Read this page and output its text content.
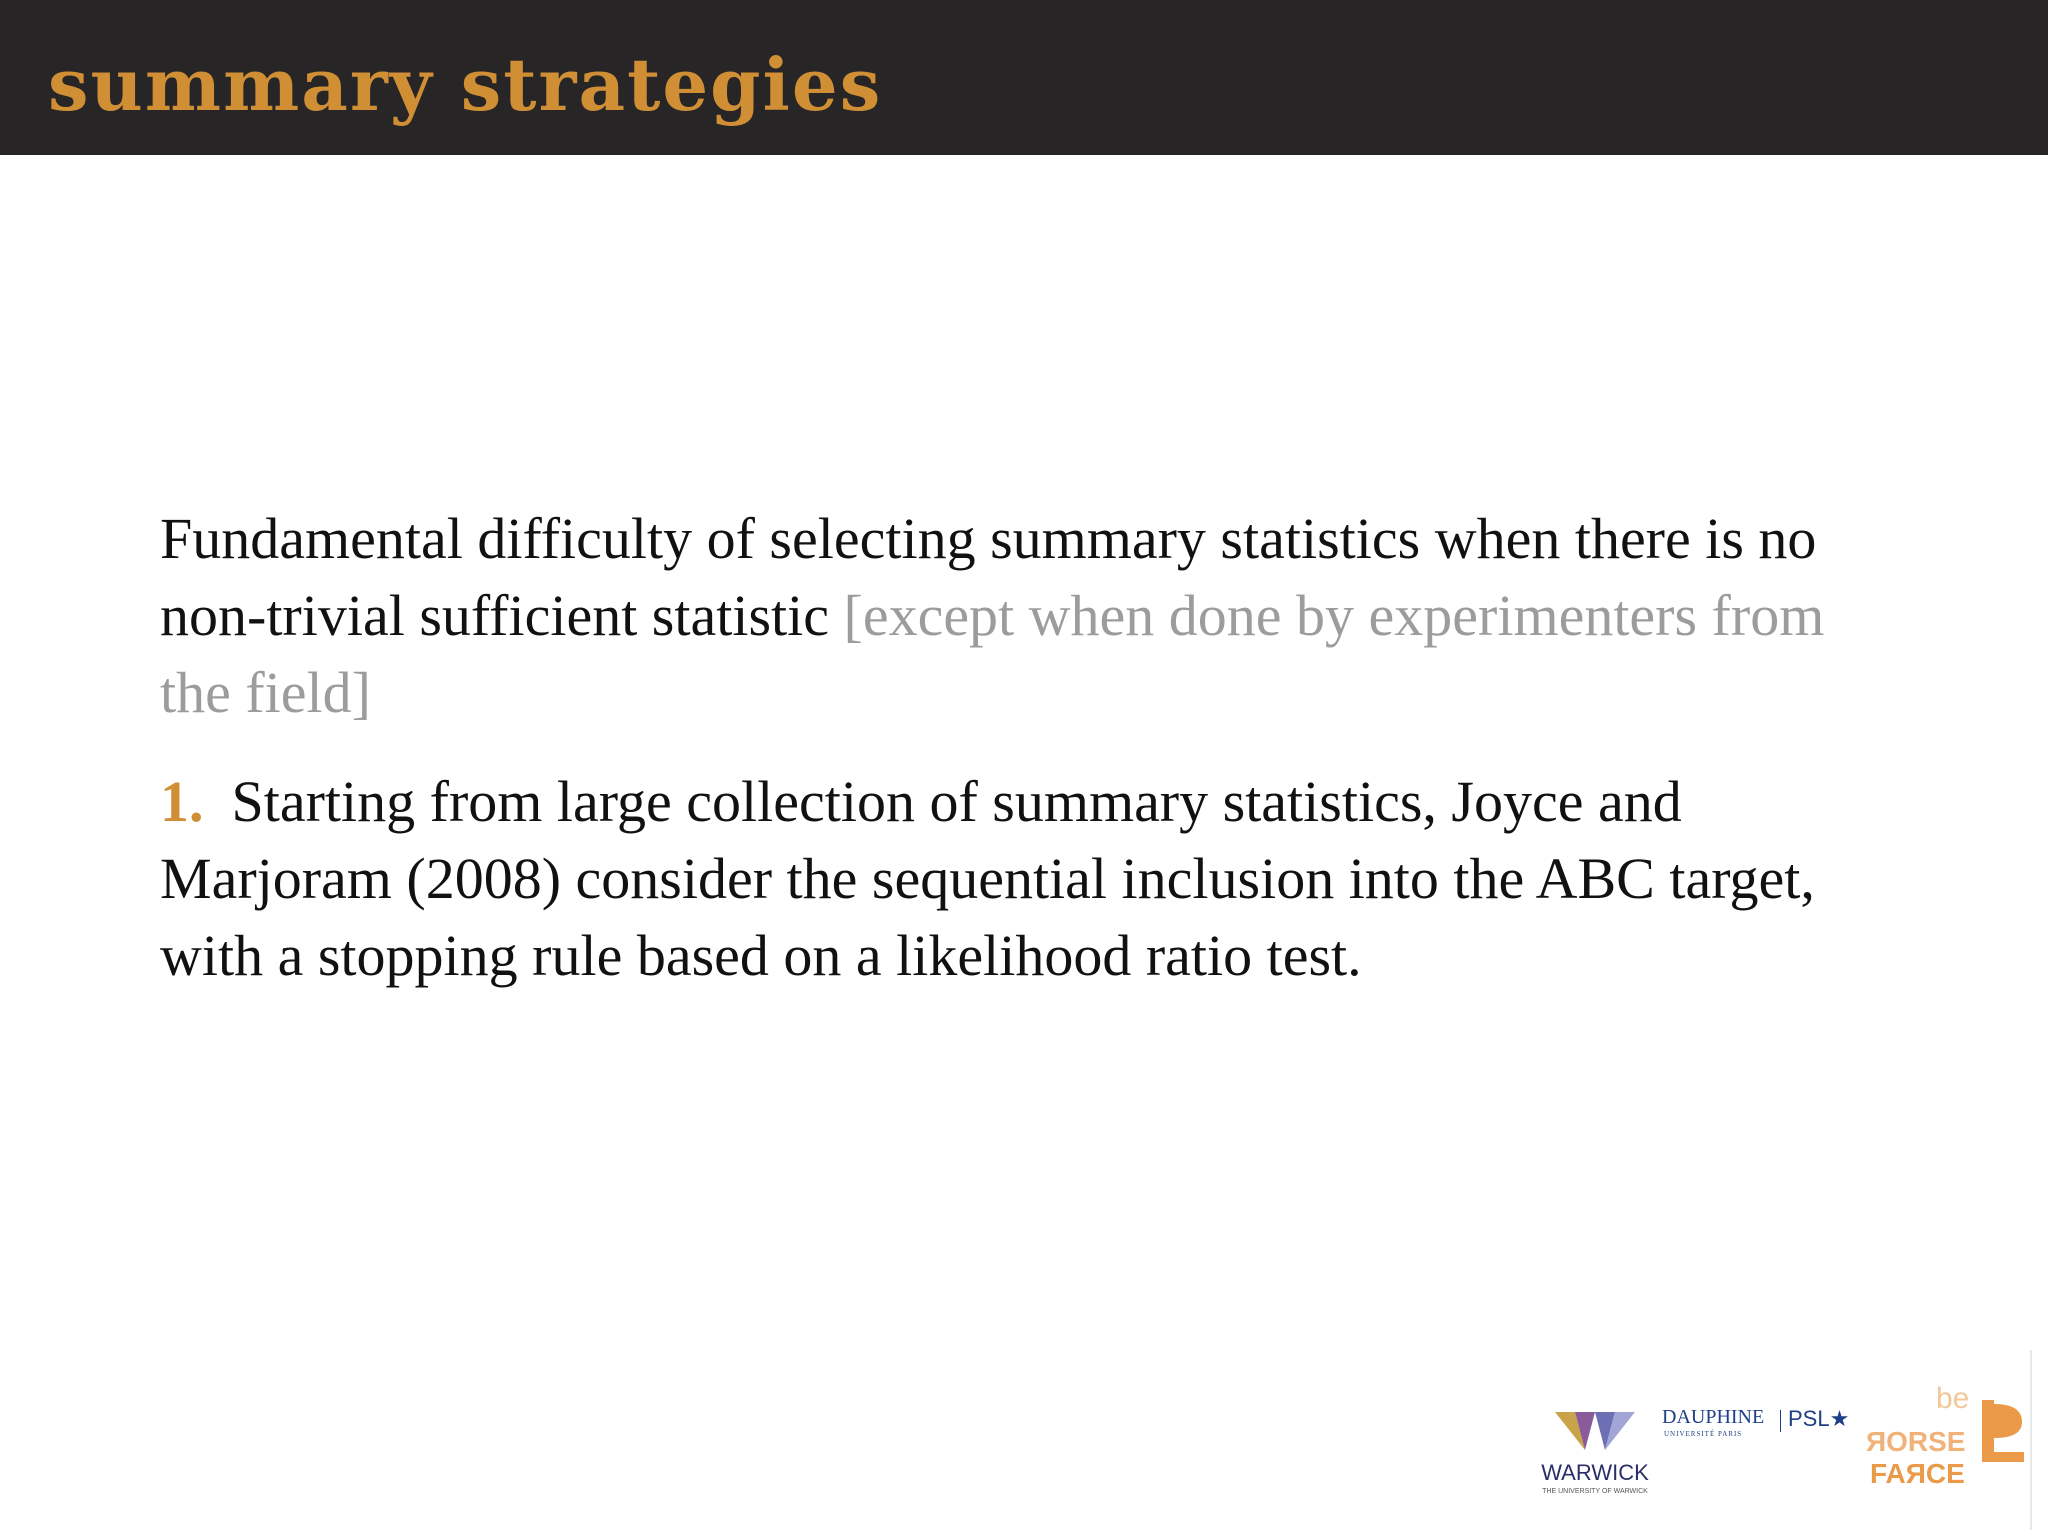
summary strategies

Fundamental difficulty of selecting summary statistics when there is no non-trivial sufficient statistic [except when done by experimenters from the field]

1. Starting from large collection of summary statistics, Joyce and Marjoram (2008) consider the sequential inclusion into the ABC target, with a stopping rule based on a likelihood ratio test.

WARWICK
THE UNIVERSITY OF WARWICK
DAUPHINE
UNIVERSITÉ PARIS
PSL★
be
ЯORSE
FAЯCE
